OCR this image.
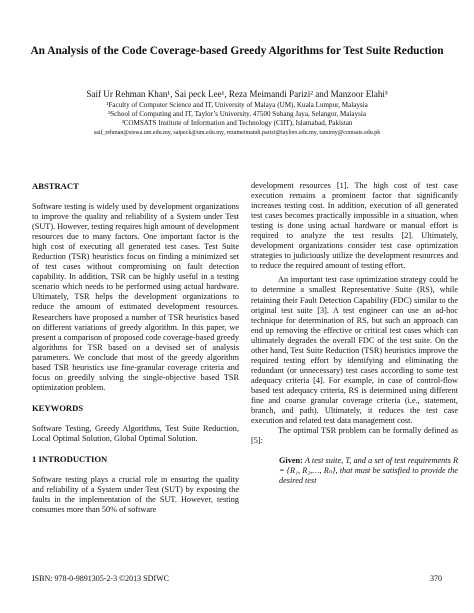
An Analysis of the Code Coverage-based Greedy Algorithms for Test Suite Reduction
Saif Ur Rehman Khan¹, Sai peck Lee¹, Reza Meimandi Parizi² and Manzoor Elahi³
¹Faculty of Computer Science and IT, University of Malaya (UM), Kuala Lumpur, Malaysia
²School of Computing and IT, Taylor’s University, 47500 Subang Jaya, Selangor, Malaysia
³COMSATS Institute of Information and Technology (CIIT), Islamabad, Pakistan
saif_rehman@siswa.um.edu.my, saipeck@um.edu.my, rezameimandi.parizi@taylors.edu.my, tamimy@comsats.edu.pk

ABSTRACT

Software testing is widely used by development organizations to improve the quality and reliability of a System under Test (SUT). However, testing requires high amount of development resources due to many factors. One important factor is the high cost of executing all generated test cases. Test Suite Reduction (TSR) heuristics focus on finding a minimized set of test cases without compromising on fault detection capability. In addition, TSR can be highly useful in a testing scenario which needs to be performed using actual hardware. Ultimately, TSR helps the development organizations to reduce the amount of estimated development resources. Researchers have proposed a number of TSR heuristics based on different variations of greedy algorithm. In this paper, we present a comparison of proposed code coverage-based greedy algorithms for TSR based on a devised set of analysis parameters. We conclude that most of the greedy algorithm based TSR heuristics use fine-granular coverage criteria and focus on greedily solving the single-objective based TSR optimization problem.

KEYWORDS

Software Testing, Greedy Algorithms, Test Suite Reduction, Local Optimal Solution, Global Optimal Solution.

1 INTRODUCTION

Software testing plays a crucial role in ensuring the quality and reliability of a System under Test (SUT) by exposing the faults in the implementation of the SUT. However, testing consumes more than 50% of software

development resources [1]. The high cost of test case execution remains a prominent factor that significantly increases testing cost. In addition, execution of all generated test cases becomes practically impossible in a situation, when testing is done using actual hardware or manual effort is required to analyze the test results [2]. Ultimately, development organizations consider test case optimization strategies to judiciously utilize the development resources and to reduce the required amount of testing effort.

An important test case optimization strategy could be to determine a smallest Representative Suite (RS), while retaining their Fault Detection Capability (FDC) similar to the original test suite [3]. A test engineer can use an ad-hoc technique for determination of RS, but such an approach can end up removing the effective or critical test cases which can ultimately degrades the overall FDC of the test suite. On the other hand, Test Suite Reduction (TSR) heuristics improve the required testing effort by identifying and eliminating the redundant (or unnecessary) test cases according to some test adequacy criteria [4]. For example, in case of control-flow based test adequacy criteria, RS is determined using different fine and coarse granular coverage criteria (i.e., statement, branch, and path). Ultimately, it reduces the test case execution and related test data management cost.

The optimal TSR problem can be formally defined as [5]:

Given: A test suite, T, and a set of test requirements R = {R₁, R₂,…, Rₙ}, that must be satisfied to provide the desired test

ISBN: 978-0-9891305-2-3 ©2013 SDIWC	370
